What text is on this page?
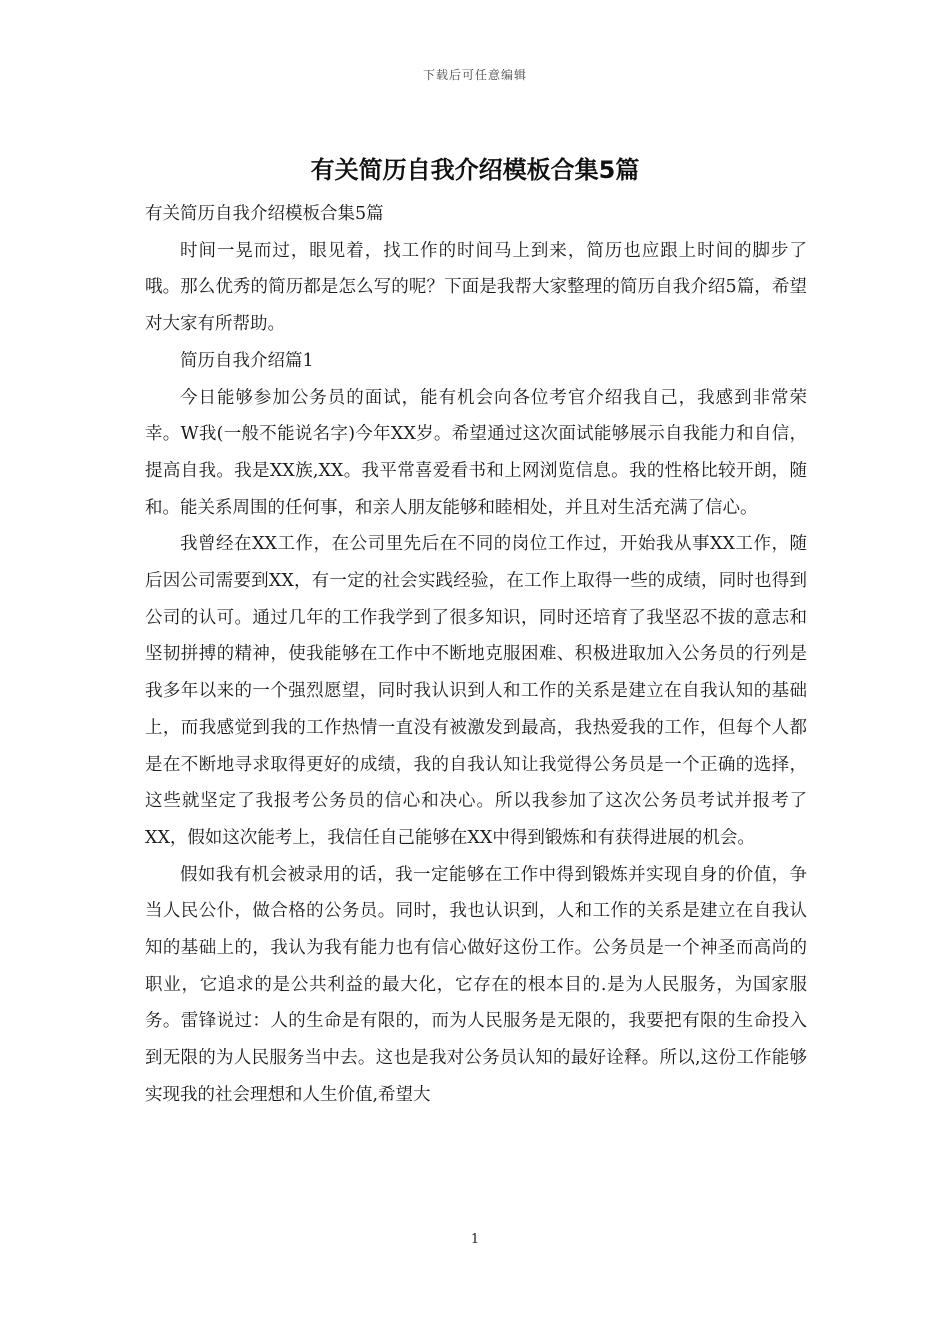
下载后可任意编辑
有关简历自我介绍模板合集5篇

有关简历自我介绍模板合集5篇

时间一晃而过，眼见着，找工作的时间马上到来，简历也应跟上时间的脚步了哦。那么优秀的简历都是怎么写的呢？下面是我帮大家整理的简历自我介绍5篇，希望对大家有所帮助。

简历自我介绍篇1

今日能够参加公务员的面试，能有机会向各位考官介绍我自己，我感到非常荣幸。W我(一般不能说名字)今年XX岁。希望通过这次面试能够展示自我能力和自信，提高自我。我是XX族,XX。我平常喜爱看书和上网浏览信息。我的性格比较开朗，随和。能关系周围的任何事，和亲人朋友能够和睦相处，并且对生活充满了信心。

我曾经在XX工作，在公司里先后在不同的岗位工作过，开始我从事XX工作，随后因公司需要到XX，有一定的社会实践经验，在工作上取得一些的成绩，同时也得到公司的认可。通过几年的工作我学到了很多知识，同时还培育了我坚忍不拔的意志和坚韧拼搏的精神，使我能够在工作中不断地克服困难、积极进取加入公务员的行列是我多年以来的一个强烈愿望，同时我认识到人和工作的关系是建立在自我认知的基础上，而我感觉到我的工作热情一直没有被激发到最高，我热爱我的工作，但每个人都是在不断地寻求取得更好的成绩，我的自我认知让我觉得公务员是一个正确的选择，这些就坚定了我报考公务员的信心和决心。所以我参加了这次公务员考试并报考了XX，假如这次能考上，我信任自己能够在XX中得到锻炼和有获得进展的机会。

假如我有机会被录用的话，我一定能够在工作中得到锻炼并实现自身的价值，争当人民公仆，做合格的公务员。同时，我也认识到，人和工作的关系是建立在自我认知的基础上的，我认为我有能力也有信心做好这份工作。公务员是一个神圣而高尚的职业，它追求的是公共利益的最大化，它存在的根本目的.是为人民服务，为国家服务。雷锋说过：人的生命是有限的，而为人民服务是无限的，我要把有限的生命投入到无限的为人民服务当中去。这也是我对公务员认知的最好诠释。所以,这份工作能够实现我的社会理想和人生价值,希望大

1
